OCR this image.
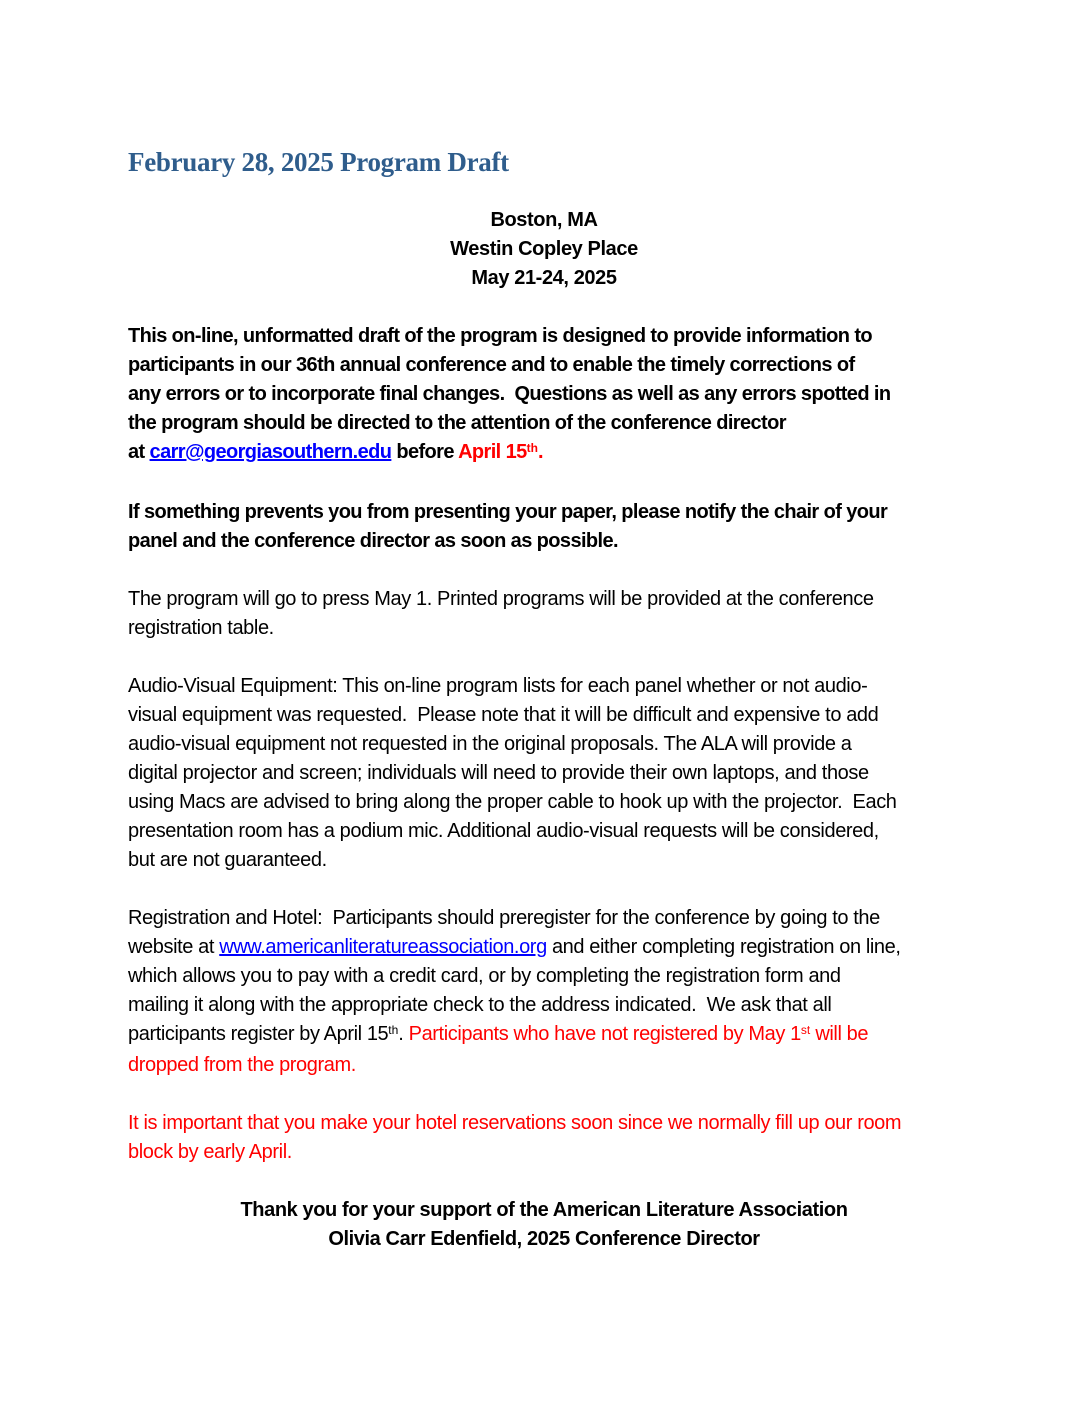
February 28, 2025 Program Draft
Boston, MA
Westin Copley Place
May 21-24, 2025
This on-line, unformatted draft of the program is designed to provide information to
participants in our 36th annual conference and to enable the timely corrections of
any errors or to incorporate final changes.  Questions as well as any errors spotted in
the program should be directed to the attention of the conference director
at carr@georgiasouthern.edu before April 15th.
If something prevents you from presenting your paper, please notify the chair of your
panel and the conference director as soon as possible.
The program will go to press May 1. Printed programs will be provided at the conference
registration table.
Audio-Visual Equipment: This on-line program lists for each panel whether or not audio-
visual equipment was requested.  Please note that it will be difficult and expensive to add
audio-visual equipment not requested in the original proposals. The ALA will provide a
digital projector and screen; individuals will need to provide their own laptops, and those
using Macs are advised to bring along the proper cable to hook up with the projector.  Each
presentation room has a podium mic. Additional audio-visual requests will be considered,
but are not guaranteed.
Registration and Hotel:  Participants should preregister for the conference by going to the
website at www.americanliteratureassociation.org and either completing registration on line,
which allows you to pay with a credit card, or by completing the registration form and
mailing it along with the appropriate check to the address indicated.  We ask that all
participants register by April 15th. Participants who have not registered by May 1st will be
dropped from the program.
It is important that you make your hotel reservations soon since we normally fill up our room
block by early April.
Thank you for your support of the American Literature Association
Olivia Carr Edenfield, 2025 Conference Director
